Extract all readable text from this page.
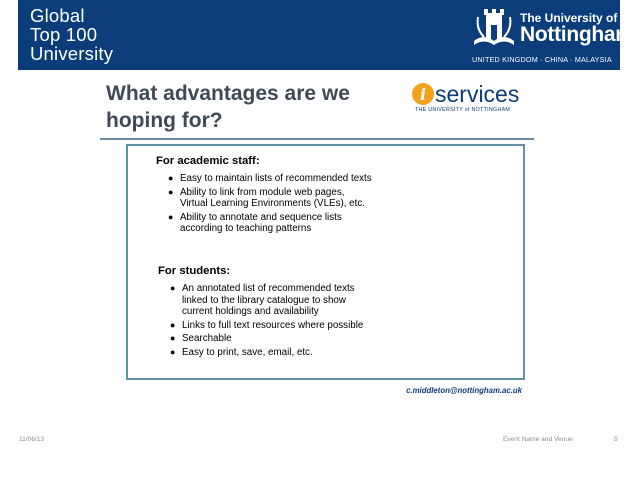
Global
Top 100
University
The University of
Nottingham
UNITED KINGDOM · CHINA · MALAYSIA
What advantages are we
hoping for?
i services
THE UNIVERSITY of NOTTINGHAM
For academic staff:
● Easy to maintain lists of recommended texts
● Ability to link from module web pages,
Virtual Learning Environments (VLEs), etc.
● Ability to annotate and sequence lists
according to teaching patterns
For students:
● An annotated list of recommended texts
linked to the library catalogue to show
current holdings and availability
● Links to full text resources where possible
● Searchable
● Easy to print, save, email, etc.
c.middleton@nottingham.ac.uk
11/06/13	Event Name and Venue	5
